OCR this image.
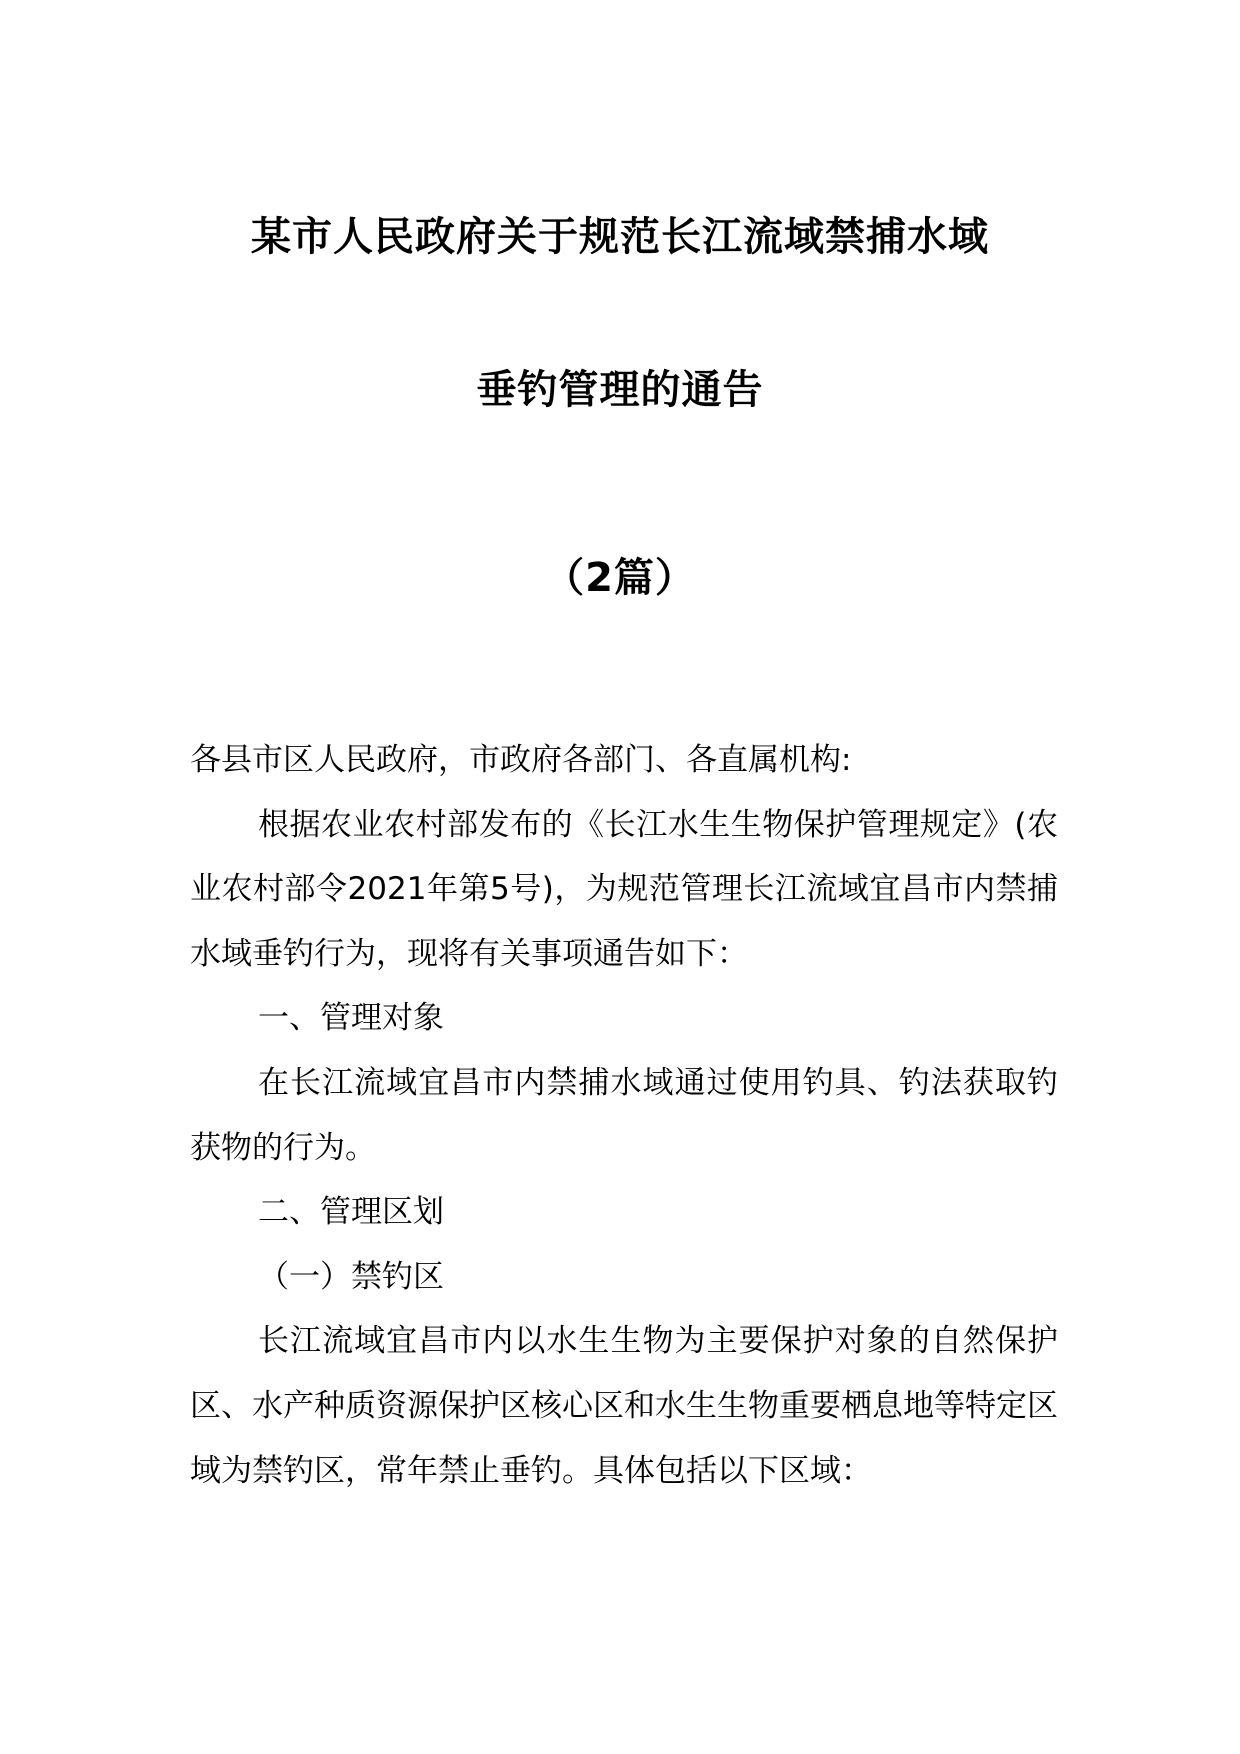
某市人民政府关于规范长江流域禁捕水域
垂钓管理的通告
（2篇）

各县市区人民政府，市政府各部门、各直属机构:

根据农业农村部发布的《长江水生生物保护管理规定》(农业农村部令2021年第5号)，为规范管理长江流域宜昌市内禁捕水域垂钓行为，现将有关事项通告如下：

一、管理对象

在长江流域宜昌市内禁捕水域通过使用钓具、钓法获取钓获物的行为。

二、管理区划

（一）禁钓区

长江流域宜昌市内以水生生物为主要保护对象的自然保护区、水产种质资源保护区核心区和水生生物重要栖息地等特定区域为禁钓区，常年禁止垂钓。具体包括以下区域：
